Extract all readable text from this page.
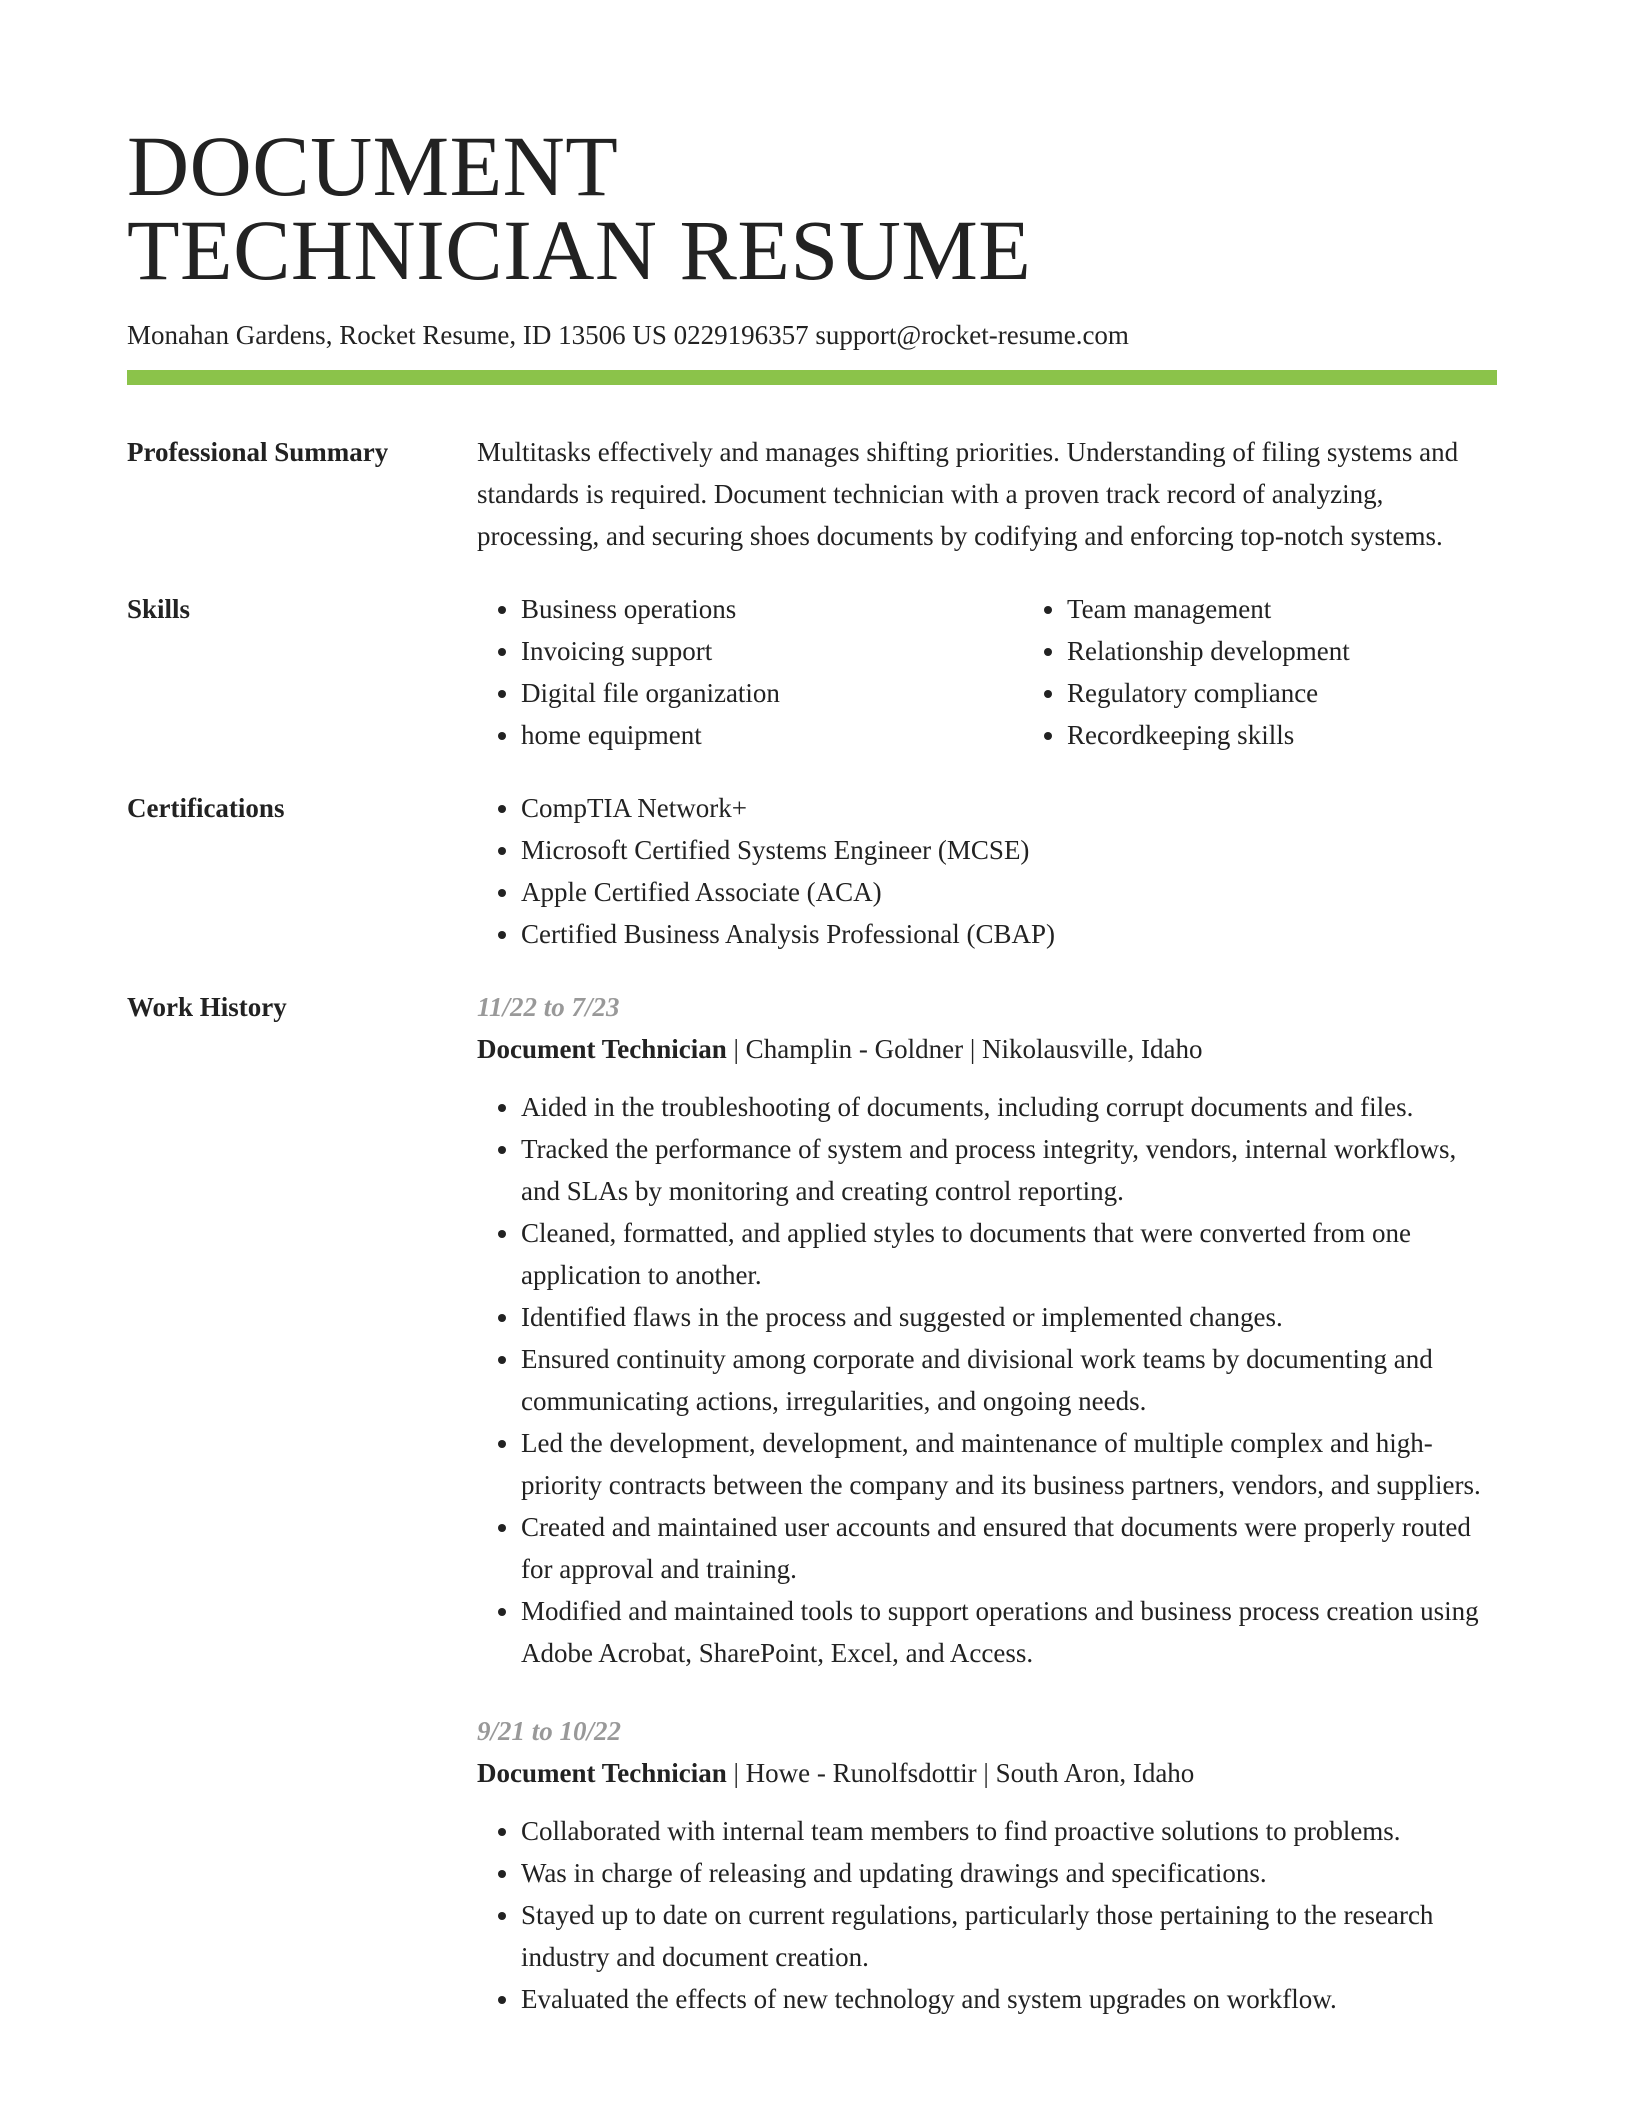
DOCUMENT
TECHNICIAN RESUME
Monahan Gardens, Rocket Resume, ID 13506 US 0229196357 support@rocket-resume.com
Professional Summary	Multitasks effectively and manages shifting priorities. Understanding of filing systems and standards is required. Document technician with a proven track record of analyzing, processing, and securing shoes documents by codifying and enforcing top-notch systems.

Skills	• Business operations
• Invoicing support
• Digital file organization
• home equipment
• Team management
• Relationship development
• Regulatory compliance
• Recordkeeping skills
Certifications	• CompTIA Network+
• Microsoft Certified Systems Engineer (MCSE)
• Apple Certified Associate (ACA)
• Certified Business Analysis Professional (CBAP)
Work History	11/22 to 7/23
Document Technician | Champlin - Goldner | Nikolausville, Idaho
• Aided in the troubleshooting of documents, including corrupt documents and files.
• Tracked the performance of system and process integrity, vendors, internal workflows, and SLAs by monitoring and creating control reporting.
• Cleaned, formatted, and applied styles to documents that were converted from one application to another.
• Identified flaws in the process and suggested or implemented changes.
• Ensured continuity among corporate and divisional work teams by documenting and communicating actions, irregularities, and ongoing needs.
• Led the development, development, and maintenance of multiple complex and high-priority contracts between the company and its business partners, vendors, and suppliers.
• Created and maintained user accounts and ensured that documents were properly routed for approval and training.
• Modified and maintained tools to support operations and business process creation using Adobe Acrobat, SharePoint, Excel, and Access.
9/21 to 10/22
Document Technician | Howe - Runolfsdottir | South Aron, Idaho
• Collaborated with internal team members to find proactive solutions to problems.
• Was in charge of releasing and updating drawings and specifications.
• Stayed up to date on current regulations, particularly those pertaining to the research industry and document creation.
• Evaluated the effects of new technology and system upgrades on workflow.
